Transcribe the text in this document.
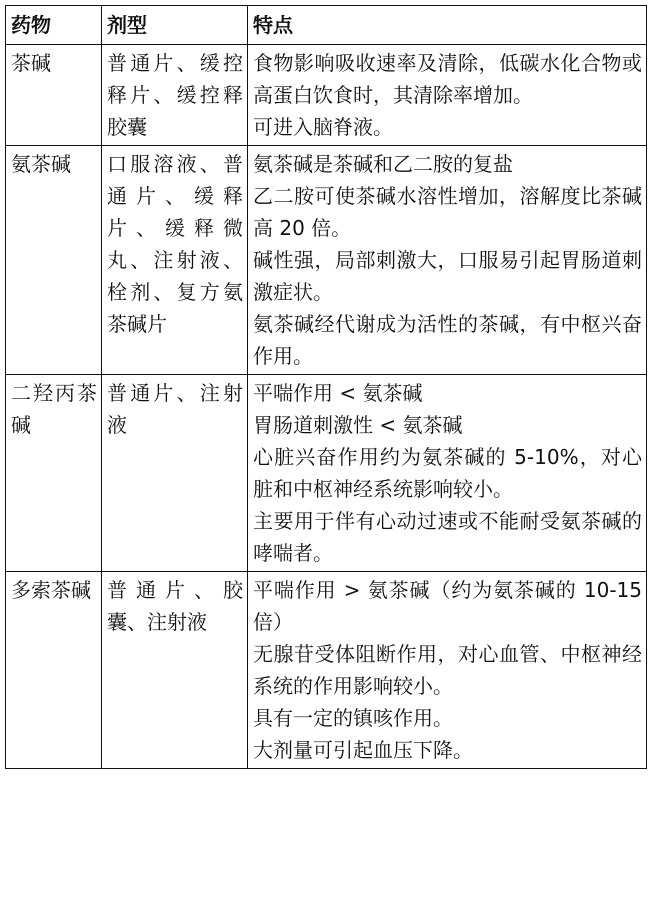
药物	剂型	特点
茶碱	普通片、缓控释片、缓控释胶囊	食物影响吸收速率及清除，低碳水化合物或高蛋白饮食时，其清除率增加。
可进入脑脊液。

氨茶碱	口服溶液、普通片、缓释片、缓释微丸、注射液、栓剂、复方氨茶碱片	氨茶碱是茶碱和乙二胺的复盐
乙二胺可使茶碱水溶性增加，溶解度比茶碱高 20 倍。
碱性强，局部刺激大，口服易引起胃肠道刺激症状。
氨茶碱经代谢成为活性的茶碱，有中枢兴奋作用。

二羟丙茶碱	普通片、注射液	平喘作用 < 氨茶碱
胃肠道刺激性 < 氨茶碱
心脏兴奋作用约为氨茶碱的 5-10%，对心脏和中枢神经系统影响较小。
主要用于伴有心动过速或不能耐受氨茶碱的哮喘者。

多索茶碱	普通片、胶囊、注射液	平喘作用 > 氨茶碱（约为氨茶碱的 10-15 倍）
无腺苷受体阻断作用，对心血管、中枢神经系统的作用影响较小。
具有一定的镇咳作用。
大剂量可引起血压下降。
